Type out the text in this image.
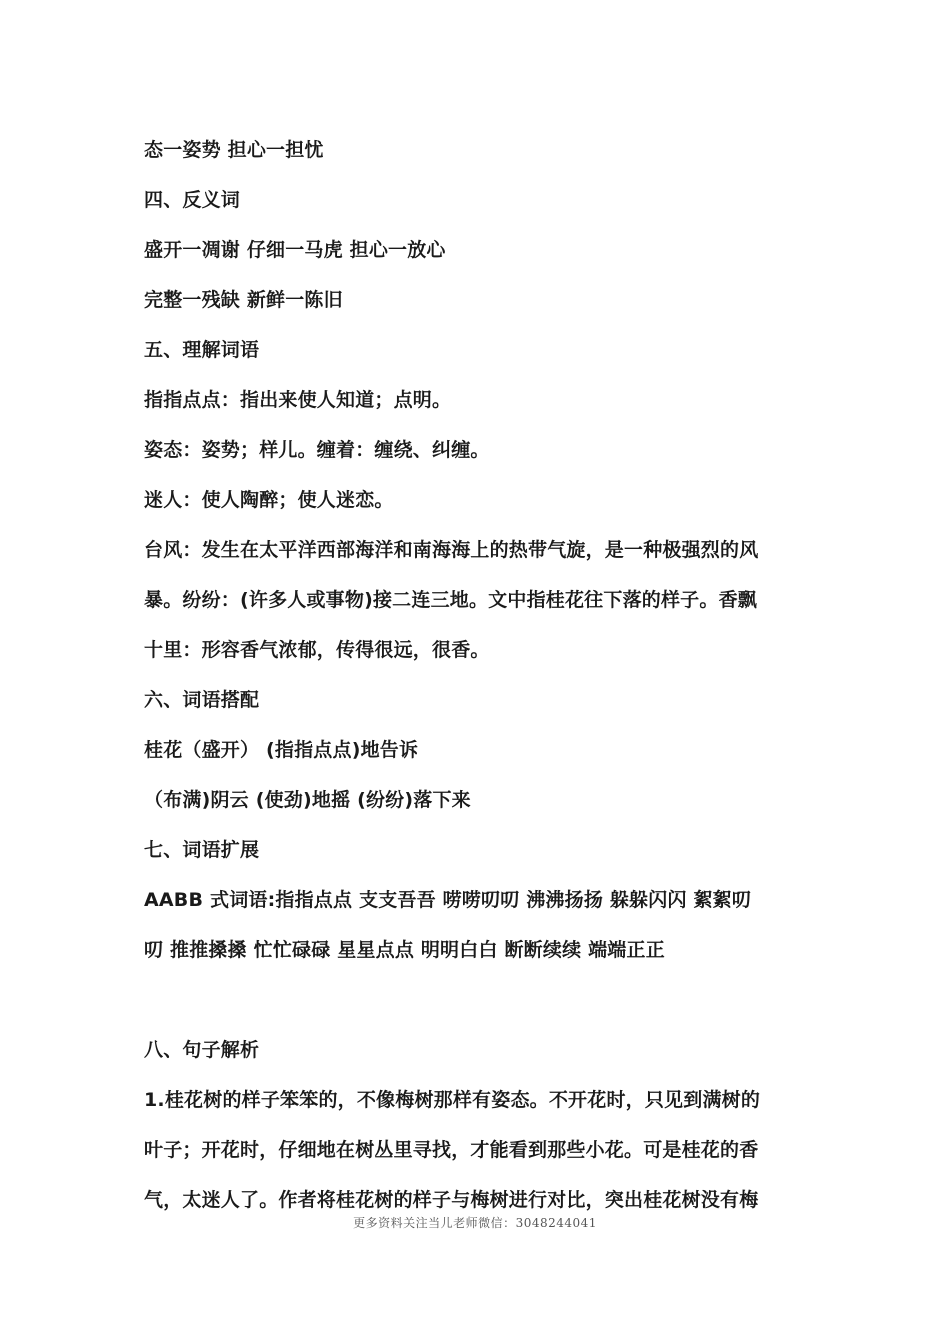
态一姿势 担心一担忧
四、反义词
盛开一凋谢 仔细一马虎 担心一放心
完整一残缺 新鲜一陈旧
五、理解词语
指指点点：指出来使人知道；点明。
姿态：姿势；样儿。缠着：缠绕、纠缠。
迷人：使人陶醉；使人迷恋。
台风：发生在太平洋西部海洋和南海海上的热带气旋，是一种极强烈的风
暴。纷纷：(许多人或事物)接二连三地。文中指桂花往下落的样子。香飘
十里：形容香气浓郁，传得很远，很香。
六、词语搭配
桂花（盛开） (指指点点)地告诉
（布满)阴云 (使劲)地摇 (纷纷)落下来
七、词语扩展
AABB 式词语:指指点点 支支吾吾 唠唠叨叨 沸沸扬扬 躲躲闪闪 絮絮叨
叨 推推搡搡 忙忙碌碌 星星点点 明明白白 断断续续 端端正正
八、句子解析
1.桂花树的样子笨笨的，不像梅树那样有姿态。不开花时，只见到满树的
叶子；开花时，仔细地在树丛里寻找，才能看到那些小花。可是桂花的香
气，太迷人了。作者将桂花树的样子与梅树进行对比，突出桂花树没有梅
更多资料关注当儿老师微信：3048244041
